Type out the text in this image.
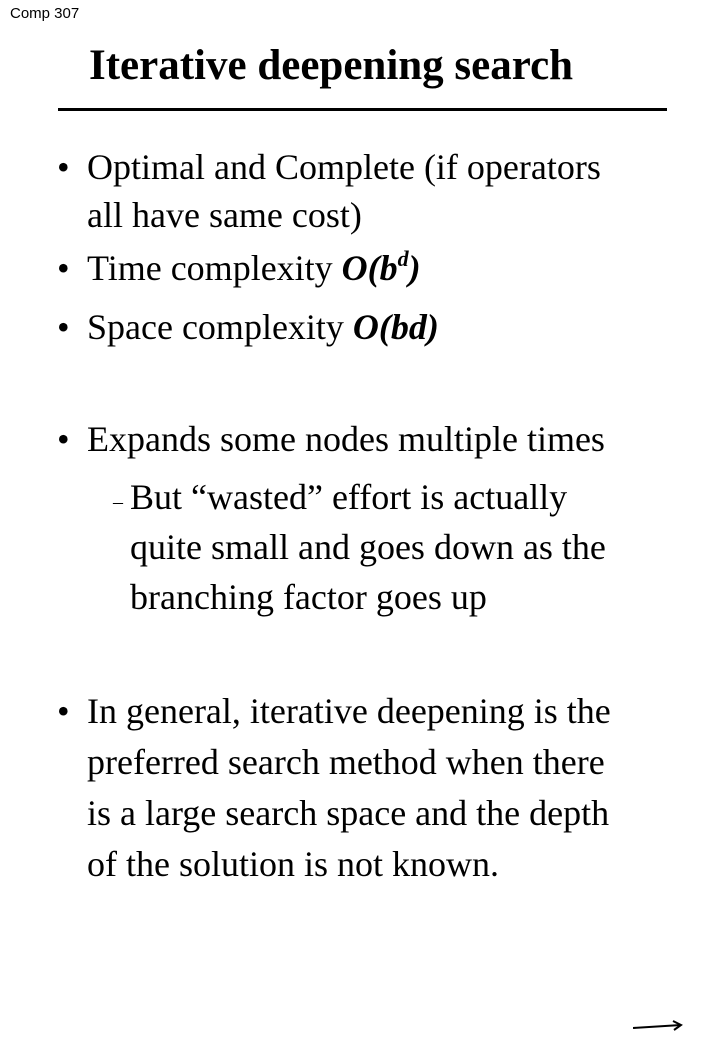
Comp 307
Iterative deepening search
• Optimal and Complete (if operators
all have same cost)
• Time complexity $O(b^d)$
• Space complexity O(bd)
• Expands some nodes multiple times
– But “wasted” effort is actually
quite small and goes down as the
branching factor goes up
• In general, iterative deepening is the
preferred search method when there
is a large search space and the depth
of the solution is not known.
